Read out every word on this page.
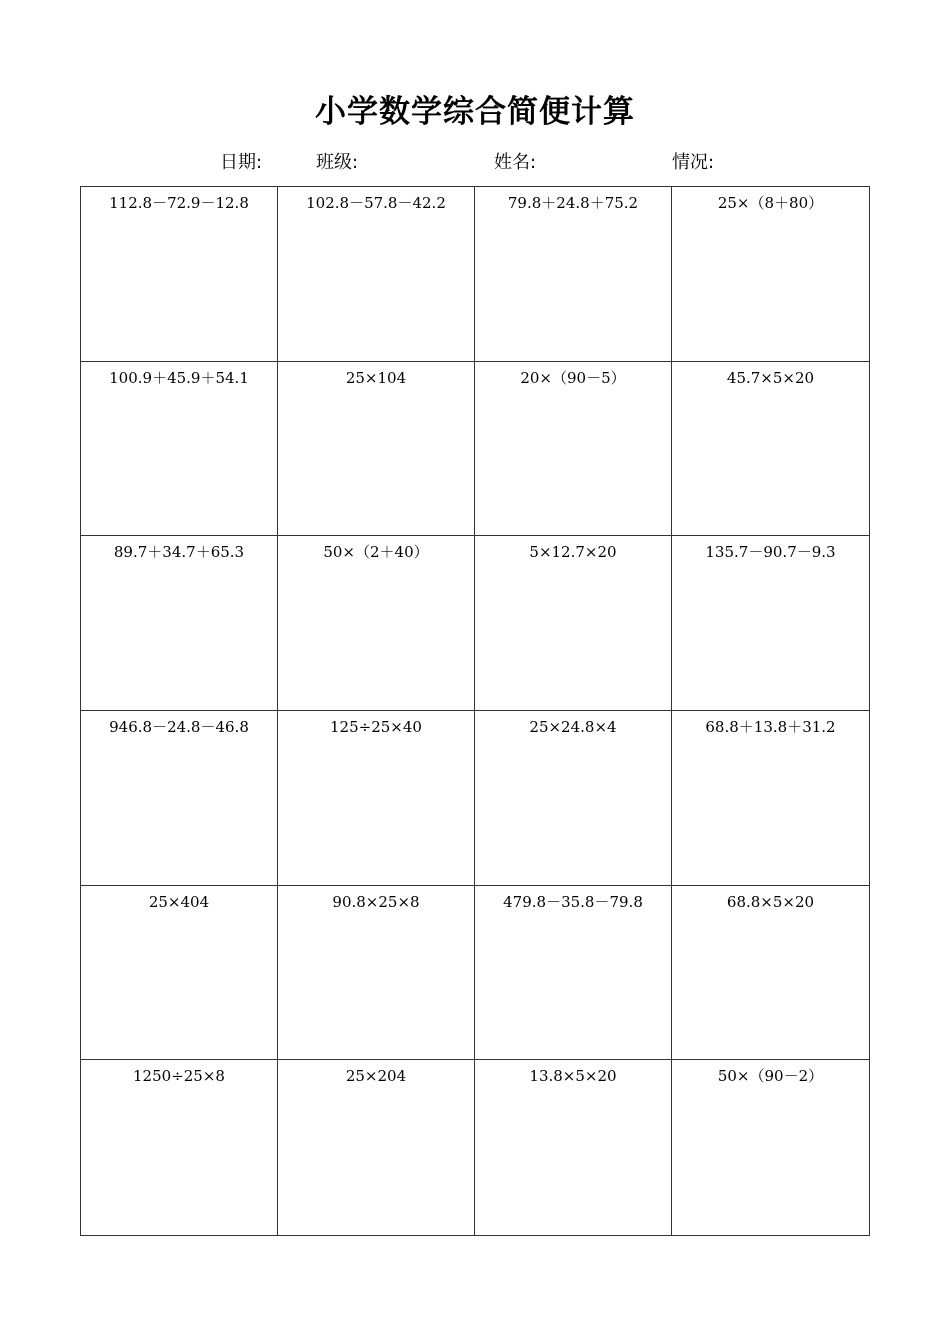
小学数学综合简便计算
日期:	班级:	姓名:	情况:
112.8－72.9－12.8	102.8－57.8－42.2	79.8＋24.8＋75.2	25×（8＋80）
100.9＋45.9＋54.1	25×104	20×（90－5）	45.7×5×20
89.7＋34.7＋65.3	50×（2＋40）	5×12.7×20	135.7－90.7－9.3
946.8－24.8－46.8	125÷25×40	25×24.8×4	68.8＋13.8＋31.2
25×404	90.8×25×8	479.8－35.8－79.8	68.8×5×20
1250÷25×8	25×204	13.8×5×20	50×（90－2）
